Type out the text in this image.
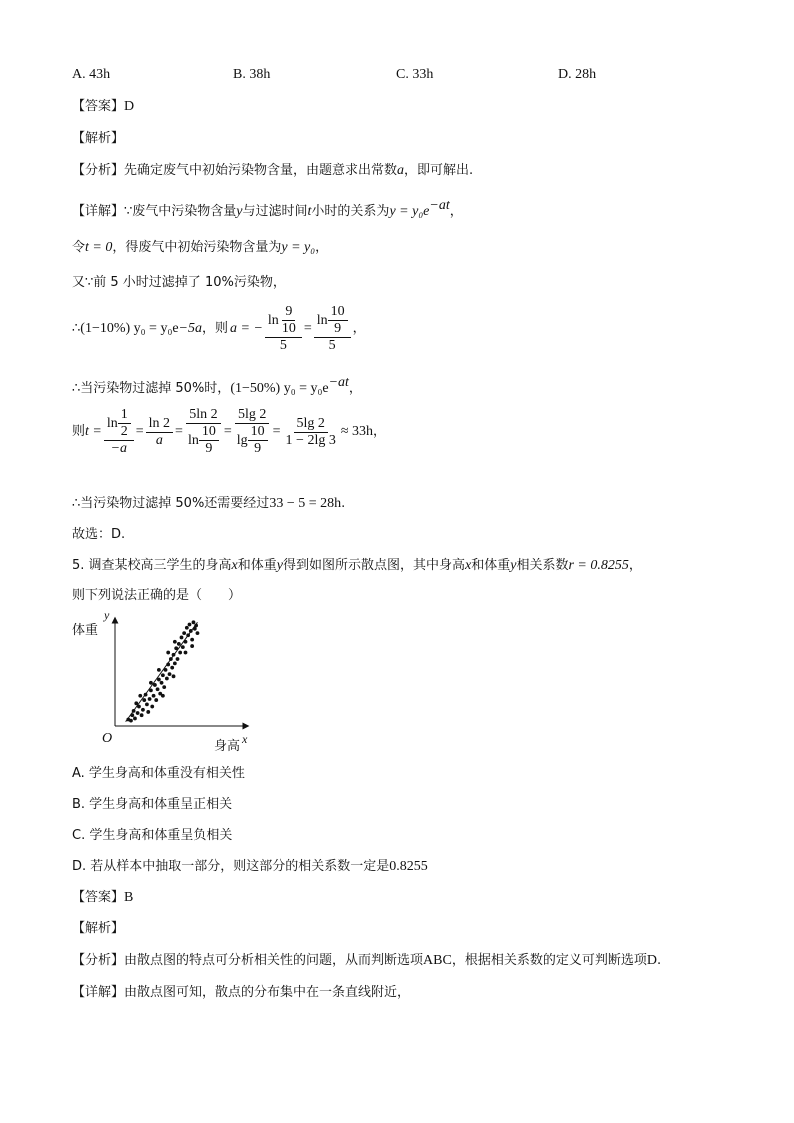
A. 43h	B. 38h	C. 33h	D. 28h
【答案】D
【解析】
【分析】先确定废气中初始污染物含量，由题意求出常数a，即可解出.
【详解】∵废气中污染物含量y与过滤时间t小时的关系为$y = y_0e^{-at}$，
令t = 0，得废气中初始污染物含量为y = y₀，
又∵前 5 小时过滤掉了 10%污染物，
∴ (1−10%) y₀ = y₀e −5a ，则 a = − $\frac{\ln \frac{9}{10}}{5} = \frac{\ln \frac{10}{9}}{5}$ ，
∴当污染物过滤掉 50%时，(1−50%) $y_0 = y_0e^{-at}$，
则 $t = \frac{\ln \frac{1}{2}}{-a} = \frac{\ln 2}{a} = \frac{5\ln 2}{\ln \frac{10}{9}} = \frac{5\lg 2}{\lg \frac{10}{9}} = \frac{5\lg 2}{1 - 2\lg 3} \approx 33h$ ，
∴当污染物过滤掉 50%还需要经过33 − 5 = 28h.
故选：D.
5. 调查某校高三学生的身高x和体重y得到如图所示散点图，其中身高x和体重y相关系数r = 0.8255，
则下列说法正确的是（　　）
体重
y
身高 x
O
A. 学生身高和体重没有相关性
B. 学生身高和体重呈正相关
C. 学生身高和体重呈负相关
D. 若从样本中抽取一部分，则这部分的相关系数一定是0.8255
【答案】B
【解析】
【分析】由散点图的特点可分析相关性的问题，从而判断选项ABC，根据相关系数的定义可判断选项D.
【详解】由散点图可知，散点的分布集中在一条直线附近，
